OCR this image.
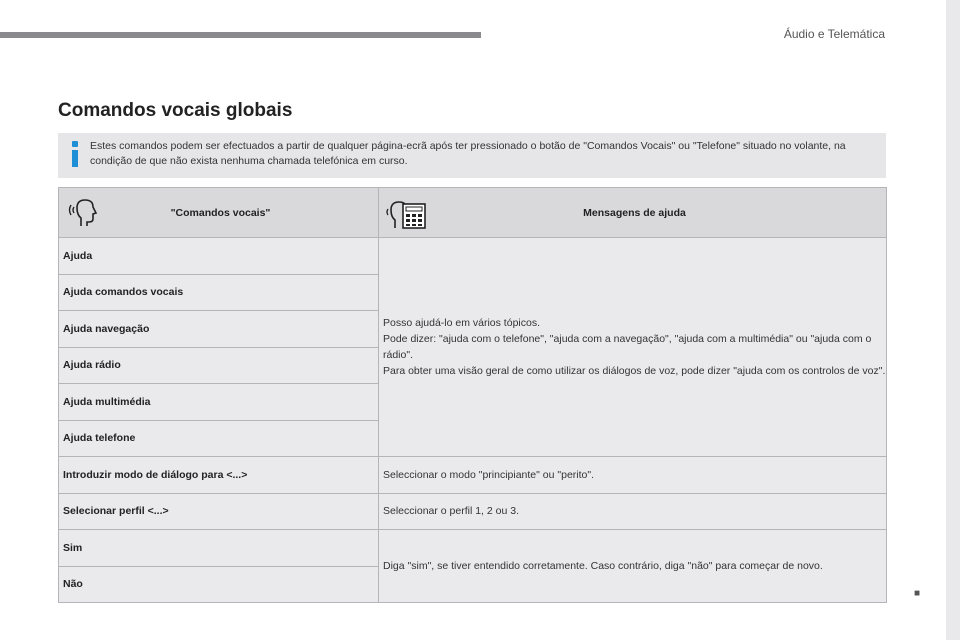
Áudio e Telemática
Comandos vocais globais
Estes comandos podem ser efectuados a partir de qualquer página-ecrã após ter pressionado o botão de "Comandos Vocais" ou "Telefone" situado no volante, na condição de que não exista nenhuma chamada telefónica em curso.
"Comandos vocais"	Mensagens de ajuda

Ajuda	Posso ajudá-lo em vários tópicos.
Pode dizer: "ajuda com o telefone", "ajuda com a navegação", "ajuda com a multimédia" ou "ajuda com o rádio".
Para obter uma visão geral de como utilizar os diálogos de voz, pode dizer "ajuda com os controlos de voz".
Ajuda comandos vocais	
Ajuda navegação	
Ajuda rádio	
Ajuda multimédia	
Ajuda telefone	
Introduzir modo de diálogo para <...>	Seleccionar o modo "principiante" ou "perito".
Selecionar perfil <...>	Seleccionar o perfil 1, 2 ou 3.
Sim	Diga "sim", se tiver entendido corretamente. Caso contrário, diga "não" para começar de novo.
Não	
■
